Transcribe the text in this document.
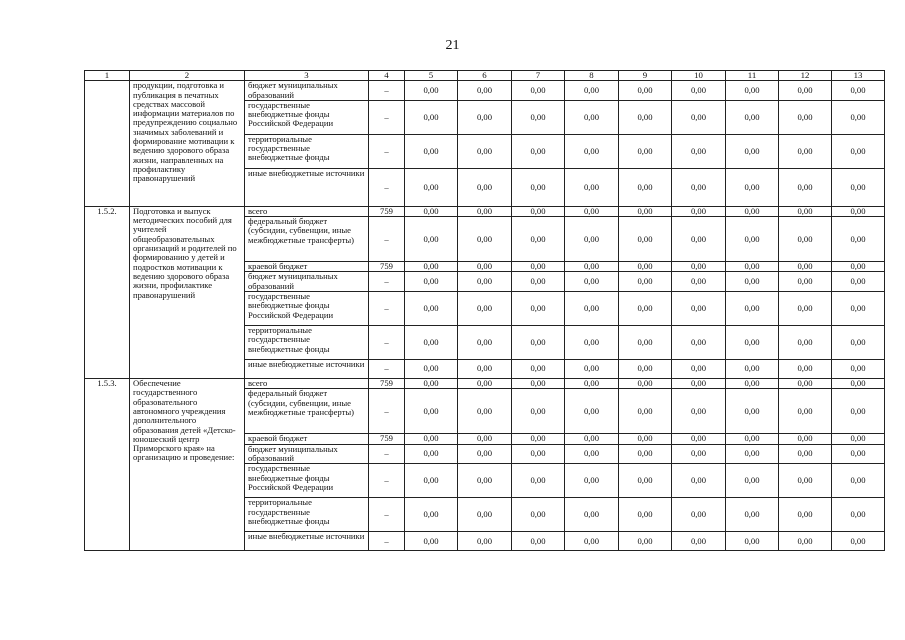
21
1	2	3	4	5	6	7	8	9	10	11	12	13
	продукции, подготовка и публикация в печатных средствах массовой информации материалов по предупреждению социально значимых заболеваний и формирование мотивации к ведению здорового образа жизни, направленных на профилактику правонарушений	бюджет муниципальных образований	–	0,00	0,00	0,00	0,00	0,00	0,00	0,00	0,00	0,00
		государственные внебюджетные фонды Российской Федерации	–	0,00	0,00	0,00	0,00	0,00	0,00	0,00	0,00	0,00
		территориальные государственные внебюджетные фонды	–	0,00	0,00	0,00	0,00	0,00	0,00	0,00	0,00	0,00
		иные внебюджетные источники	–	0,00	0,00	0,00	0,00	0,00	0,00	0,00	0,00	0,00
1.5.2.	Подготовка и выпуск методических пособий для учителей общеобразовательных организаций и родителей по формированию у детей и подростков мотивации к ведению здорового образа жизни, профилактике правонарушений	всего	759	0,00	0,00	0,00	0,00	0,00	0,00	0,00	0,00	0,00
		федеральный бюджет (субсидии, субвенции, иные межбюджетные трансферты)	–	0,00	0,00	0,00	0,00	0,00	0,00	0,00	0,00	0,00
		краевой бюджет	759	0,00	0,00	0,00	0,00	0,00	0,00	0,00	0,00	0,00
		бюджет муниципальных образований	–	0,00	0,00	0,00	0,00	0,00	0,00	0,00	0,00	0,00
		государственные внебюджетные фонды Российской Федерации	–	0,00	0,00	0,00	0,00	0,00	0,00	0,00	0,00	0,00
		территориальные государственные внебюджетные фонды	–	0,00	0,00	0,00	0,00	0,00	0,00	0,00	0,00	0,00
		иные внебюджетные источники	–	0,00	0,00	0,00	0,00	0,00	0,00	0,00	0,00	0,00
1.5.3.	Обеспечение государственного образовательного автономного учреждения дополнительного образования детей «Детско-юношеский центр Приморского края» на организацию и проведение:	всего	759	0,00	0,00	0,00	0,00	0,00	0,00	0,00	0,00	0,00
		федеральный бюджет (субсидии, субвенции, иные межбюджетные трансферты)	–	0,00	0,00	0,00	0,00	0,00	0,00	0,00	0,00	0,00
		краевой бюджет	759	0,00	0,00	0,00	0,00	0,00	0,00	0,00	0,00	0,00
		бюджет муниципальных образований	–	0,00	0,00	0,00	0,00	0,00	0,00	0,00	0,00	0,00
		государственные внебюджетные фонды Российской Федерации	–	0,00	0,00	0,00	0,00	0,00	0,00	0,00	0,00	0,00
		территориальные государственные внебюджетные фонды	–	0,00	0,00	0,00	0,00	0,00	0,00	0,00	0,00	0,00
		иные внебюджетные источники	–	0,00	0,00	0,00	0,00	0,00	0,00	0,00	0,00	0,00
